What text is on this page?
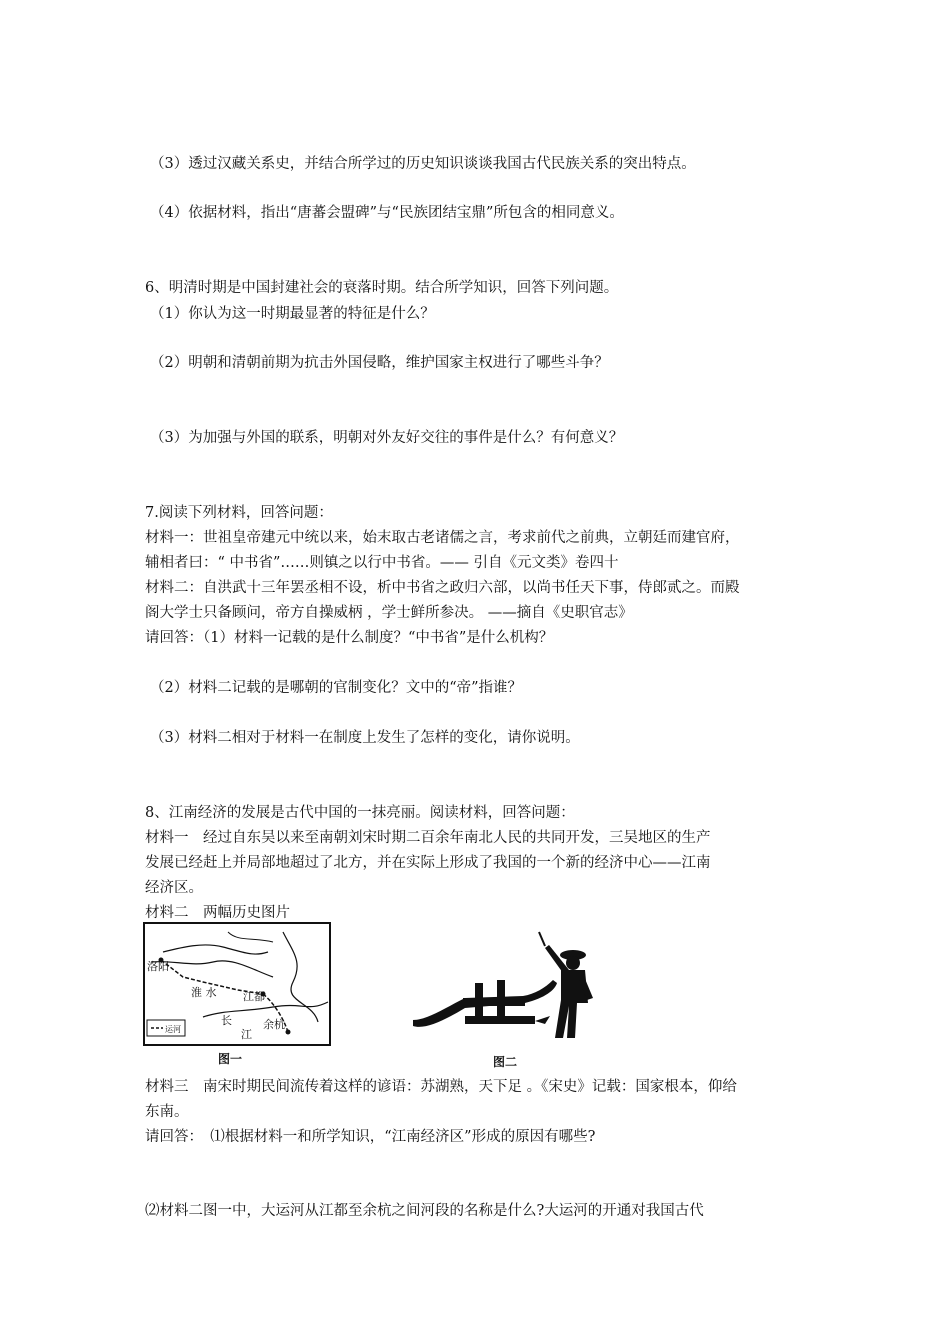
（3）透过汉藏关系史，并结合所学过的历史知识谈谈我国古代民族关系的突出特点。
（4）依据材料，指出“唐蕃会盟碑”与“民族团结宝鼎”所包含的相同意义。
6、明清时期是中国封建社会的衰落时期。结合所学知识，回答下列问题。
（1）你认为这一时期最显著的特征是什么？
（2）明朝和清朝前期为抗击外国侵略，维护国家主权进行了哪些斗争？
（3）为加强与外国的联系，明朝对外友好交往的事件是什么？有何意义？
7.阅读下列材料，回答问题：
材料一：世祖皇帝建元中统以来，始末取古老诸儒之言，考求前代之前典，立朝廷而建官府，
辅相者曰：“ 中书省”……则镇之以行中书省。—— 引自《元文类》卷四十
材料二：自洪武十三年罢丞相不设，析中书省之政归六部，以尚书任天下事，侍郎贰之。而殿
阁大学士只备顾问，帝方自操威柄 ，学士鲜所参决。 ——摘自《史职官志》
请回答：（1）材料一记载的是什么制度？“中书省”是什么机构？
（2）材料二记载的是哪朝的官制变化？文中的“帝”指谁？
（3）材料二相对于材料一在制度上发生了怎样的变化，请你说明。
8、江南经济的发展是古代中国的一抹亮丽。阅读材料，回答问题：
材料一　经过自东吴以来至南朝刘宋时期二百余年南北人民的共同开发，三吴地区的生产
发展已经赶上并局部地超过了北方，并在实际上形成了我国的一个新的经济中心——江南
经济区。
材料二　两幅历史图片
洛阳
淮 水 江都
长
江
余杭
运河
图一	图二
材料三　南宋时期民间流传着这样的谚语：苏湖熟，天下足 。《宋史》记载：国家根本，仰给
东南。
请回答：　⑴根据材料一和所学知识，“江南经济区”形成的原因有哪些?
⑵材料二图一中，大运河从江都至余杭之间河段的名称是什么?大运河的开通对我国古代
